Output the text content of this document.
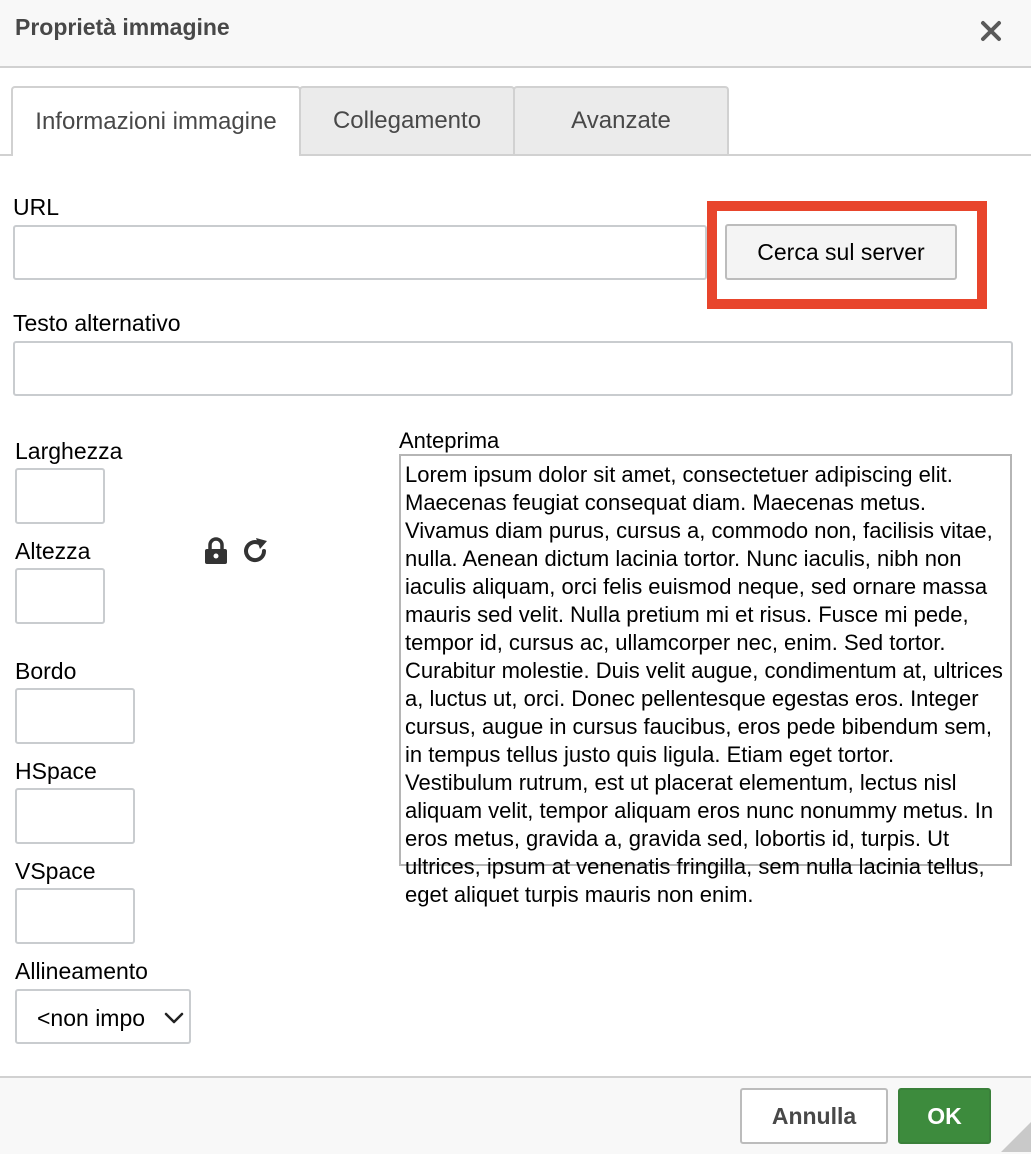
Proprietà immagine
Informazioni immagine	Collegamento	Avanzate
URL
Cerca sul server
Testo alternativo
Larghezza
Altezza
Bordo
HSpace
VSpace
Allineamento
<non impo
Anteprima
Lorem ipsum dolor sit amet, consectetuer adipiscing elit. Maecenas feugiat consequat diam. Maecenas metus. Vivamus diam purus, cursus a, commodo non, facilisis vitae, nulla. Aenean dictum lacinia tortor. Nunc iaculis, nibh non iaculis aliquam, orci felis euismod neque, sed ornare massa mauris sed velit. Nulla pretium mi et risus. Fusce mi pede, tempor id, cursus ac, ullamcorper nec, enim. Sed tortor. Curabitur molestie. Duis velit augue, condimentum at, ultrices a, luctus ut, orci. Donec pellentesque egestas eros. Integer cursus, augue in cursus faucibus, eros pede bibendum sem, in tempus tellus justo quis ligula. Etiam eget tortor. Vestibulum rutrum, est ut placerat elementum, lectus nisl aliquam velit, tempor aliquam eros nunc nonummy metus. In eros metus, gravida a, gravida sed, lobortis id, turpis. Ut ultrices, ipsum at venenatis fringilla, sem nulla lacinia tellus, eget aliquet turpis mauris non enim.
Annulla	OK
